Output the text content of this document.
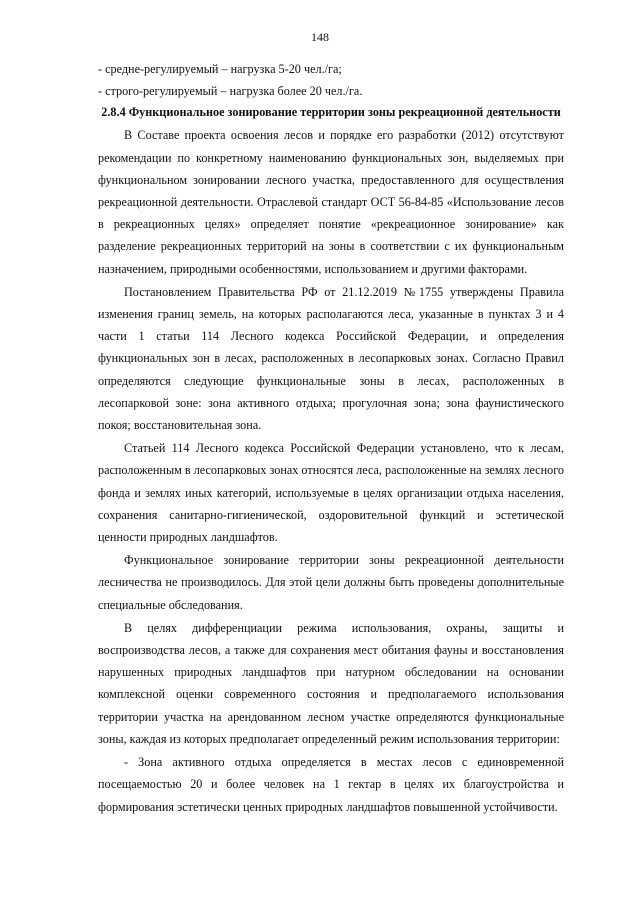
148

- средне-регулируемый – нагрузка 5-20 чел./га;

- строго-регулируемый – нагрузка более 20 чел./га.

2.8.4 Функциональное зонирование территории зоны рекреационной деятельности

В Составе проекта освоения лесов и порядке его разработки (2012) отсутствуют рекомендации по конкретному наименованию функциональных зон, выделяемых при функциональном зонировании лесного участка, предоставленного для осуществления рекреационной деятельности. Отраслевой стандарт ОСТ 56-84-85 «Использование лесов в рекреационных целях» определяет понятие «рекреационное зонирование» как разделение рекреационных территорий на зоны в соответствии с их функциональным назначением, природными особенностями, использованием и другими факторами.

Постановлением Правительства РФ от 21.12.2019 №1755 утверждены Правила изменения границ земель, на которых располагаются леса, указанные в пунктах 3 и 4 части 1 статьи 114 Лесного кодекса Российской Федерации, и определения функциональных зон в лесах, расположенных в лесопарковых зонах. Согласно Правил определяются следующие функциональные зоны в лесах, расположенных в лесопарковой зоне: зона активного отдыха; прогулочная зона; зона фаунистического покоя; восстановительная зона.

Статьей 114 Лесного кодекса Российской Федерации установлено, что к лесам, расположенным в лесопарковых зонах относятся леса, расположенные на землях лесного фонда и землях иных категорий, используемые в целях организации отдыха населения, сохранения санитарно-гигиенической, оздоровительной функций и эстетической ценности природных ландшафтов.

Функциональное зонирование территории зоны рекреационной деятельности лесничества не производилось. Для этой цели должны быть проведены дополнительные специальные обследования.

В целях дифференциации режима использования, охраны, защиты и воспроизводства лесов, а также для сохранения мест обитания фауны и восстановления нарушенных природных ландшафтов при натурном обследовании на основании комплексной оценки современного состояния и предполагаемого использования территории участка на арендованном лесном участке определяются функциональные зоны, каждая из которых предполагает определенный режим использования территории:

- Зона активного отдыха определяется в местах лесов с единовременной посещаемостью 20 и более человек на 1 гектар в целях их благоустройства и формирования эстетически ценных природных ландшафтов повышенной устойчивости.
